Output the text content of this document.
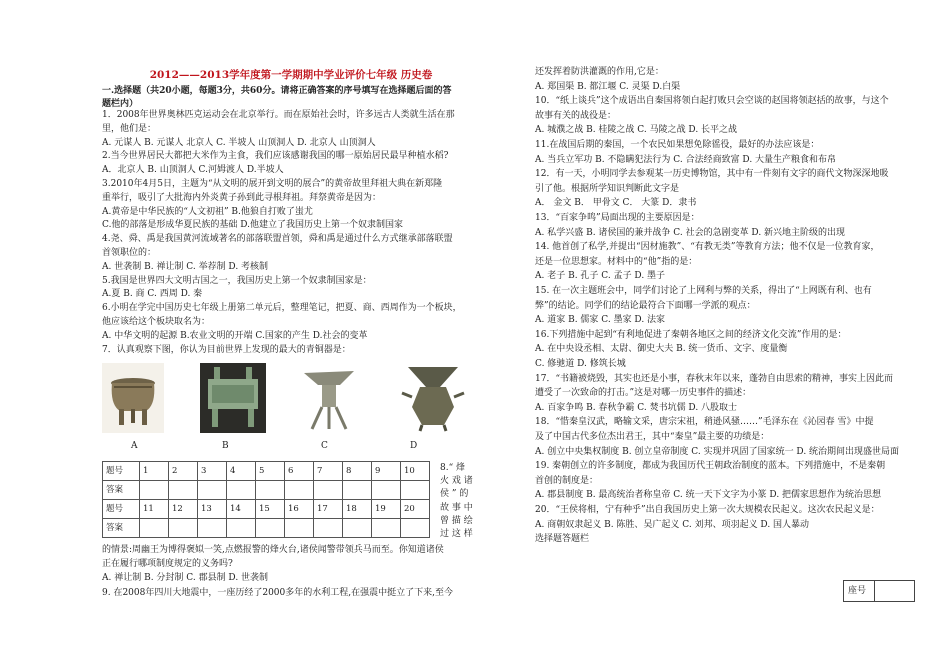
2012——2013学年度第一学期期中学业评价七年级 历史卷
一.选择题（共20小题，每题3分，共60分。请将正确答案的序号填写在选择题后面的答
题栏内）
1．2008年世界奥林匹克运动会在北京举行。而在原始社会时，许多远古人类就生活在那
里，他们是：
A. 元谋人 B. 元谋人 北京人 C. 半坡人 山顶洞人 D. 北京人 山顶洞人
2.当今世界居民大都把大米作为主食，我们应该感谢我国的哪一原始居民最早种植水稻?
A．北京人 B. 山顶洞人 C.河姆渡人 D.半坡人
3.2010年4月5日，主题为“从文明的展开到文明的展合”的黄帝故里拜祖大典在新郑隆
重举行，吸引了大批海内外炎黄子孙到此寻根拜祖。拜祭黄帝是因为：
A.黄帝是中华民族的“人文初祖” B.他狼自打败了蚩尤
C.他的部落是形成华夏民族的基础 D.他建立了我国历史上第一个奴隶制国家
4.尧、舜、禹是我国黄河流域著名的部落联盟首领，舜和禹是通过什么方式继承部落联盟
首领职位的：
A. 世袭制 B. 禅让制 C. 举荐制 D. 考核制
5.我国是世界四大文明古国之一，我国历史上第一个奴隶制国家是：
A.夏 B. 商 C. 西周 D. 秦
6.小明在学完中国历史七年级上册第二单元后，整理笔记，把夏、商、西周作为一个板块，
他应该给这个板块取名为：
A. 中华文明的起源 B.农业文明的开端 C.国家的产生 D.社会的变革
7．认真观察下图，你认为目前世界上发现的最大的青铜器是：
A	B	C	D
题号	1	2	3	4	5	6	7	8	9	10
答案										
题号	11	12	13	14	15	16	17	18	19	20
答案										
8.“ 烽
火 戏 诸
侯 ” 的
故 事 中
曾 描 绘
过 这 样
的情景:周幽王为博得褒姒一笑,点燃报警的烽火台,诸侯闻警带领兵马而至。你知道诸侯
正在履行哪项制度规定的义务吗?
A. 禅让制 B. 分封制 C. 郡县制 D. 世袭制
9. 在2008年四川大地震中，一座历经了2000多年的水利工程,在强震中挺立了下来,至今
还发挥着防洪灌溉的作用,它是：
A. 郑国渠 B. 都江堰 C. 灵渠 D.白渠
10．“纸上谈兵”这个成语出自秦国将领白起打败只会空谈的赵国将领赵括的故事，与这个
故事有关的战役是：
A. 城濮之战 B. 桂陵之战 C. 马陵之战 D. 长平之战
11.在战国后期的秦国，一个农民如果想免除徭役，最好的办法应该是：
A. 当兵立军功 B. 不隐瞒犯法行为 C. 合法经商致富 D. 大量生产粮食和布帛
12．有一天，小明同学去参观某一历史博物馆，其中有一件刻有文字的商代文物深深地吸
引了他。根据所学知识判断此文字是
A． 金文 B． 甲骨文 C． 大篆 D．隶书
13．“百家争鸣”局面出现的主要原因是：
A. 私学兴盛 B. 诸侯国的兼并战争 C. 社会的急剧变革 D. 新兴地主阶级的出现
14. 他首创了私学,并提出“因材施教”、“有教无类”等教育方法；他不仅是一位教育家，
还是一位思想家。材料中的“他”指的是：
A. 老子 B. 孔子 C. 孟子 D. 墨子
15. 在一次主题班会中，同学们讨论了上网利与弊的关系，得出了“上网既有利、也有
弊”的结论。同学们的结论最符合下面哪一学派的观点：
A. 道家 B. 儒家 C. 墨家 D. 法家
16.下列措施中起到“有利地促进了秦朝各地区之间的经济文化交流”作用的是：
A. 在中央设丞相、太尉、御史大夫 B. 统一货币、文字、度量衡
C. 修驰道 D. 修筑长城
17．“书籍被烧毁，其实也还是小事，春秋末年以来，蓬勃自由思索的精神，事实上因此而
遭受了一次致命的打击。”这是对哪一历史事件的描述：
A. 百家争鸣 B. 春秋争霸 C. 焚书坑儒 D. 八股取士
18．“惜秦皇汉武，略输文采，唐宗宋祖，稍逊风骚……”毛泽东在《沁园春 雪》中提
及了中国古代多位杰出君王，其中“秦皇”最主要的功绩是：
A. 创立中央集权制度 B. 创立皇帝制度 C. 实现并巩固了国家统一 D. 统治期间出现盛世局面
19. 秦朝创立的许多制度，都成为我国历代王朝政治制度的蓝本。下列措施中，不是秦朝
首创的制度是：
A. 郡县制度 B. 最高统治者称皇帝 C. 统一天下文字为小篆 D. 把儒家思想作为统治思想
20．“王侯将相，宁有种乎”出自我国历史上第一次大规模农民起义。这次农民起义是：
A. 商朝奴隶起义 B. 陈胜、吴广起义 C. 刘邦、项羽起义 D. 国人暴动
选择题答题栏
座号
